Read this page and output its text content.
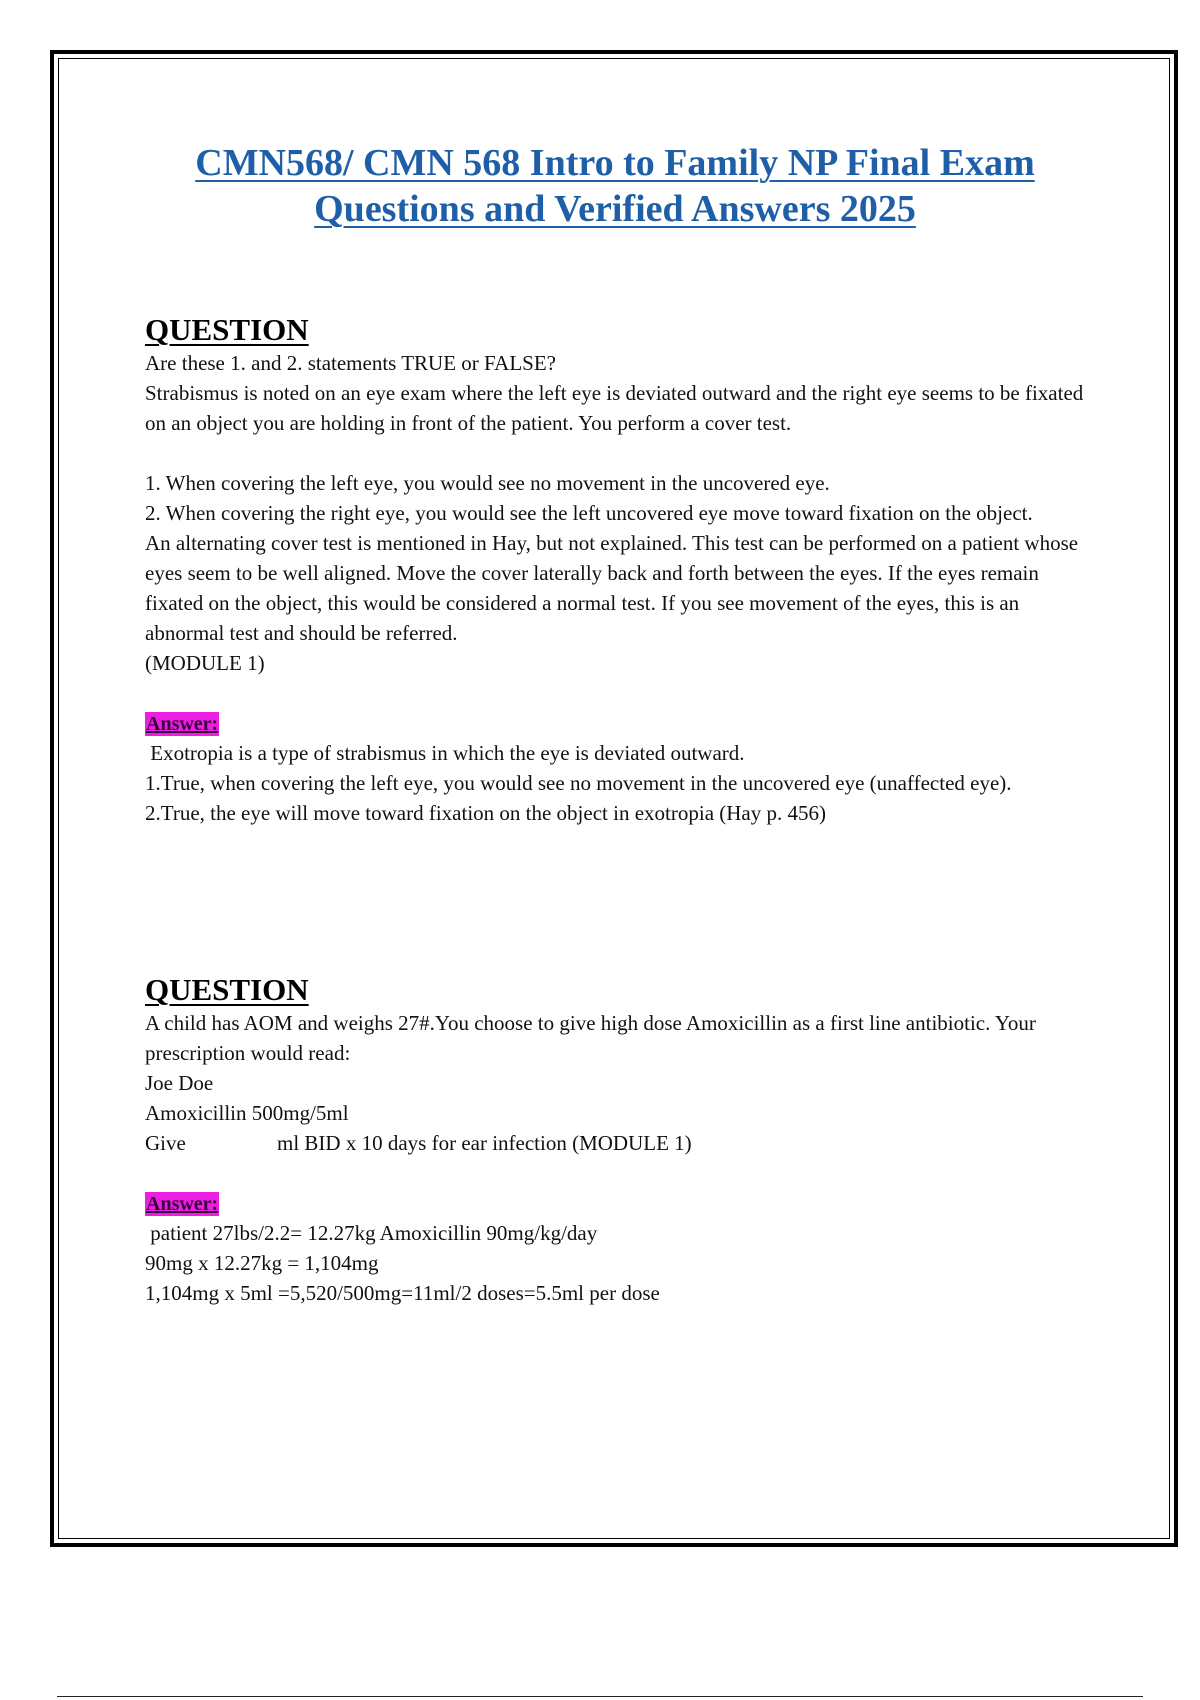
CMN568/ CMN 568 Intro to Family NP Final Exam
Questions and Verified Answers 2025

QUESTION

Are these 1. and 2. statements TRUE or FALSE?

Strabismus is noted on an eye exam where the left eye is deviated outward and the right eye seems to be fixated on an object you are holding in front of the patient. You perform a cover test.

1. When covering the left eye, you would see no movement in the uncovered eye.

2. When covering the right eye, you would see the left uncovered eye move toward fixation on the object.

An alternating cover test is mentioned in Hay, but not explained. This test can be performed on a patient whose eyes seem to be well aligned. Move the cover laterally back and forth between the eyes. If the eyes remain fixated on the object, this would be considered a normal test. If you see movement of the eyes, this is an abnormal test and should be referred.

(MODULE 1)

Answer:

Exotropia is a type of strabismus in which the eye is deviated outward.

1.True, when covering the left eye, you would see no movement in the uncovered eye (unaffected eye).

2.True, the eye will move toward fixation on the object in exotropia (Hay p. 456)

QUESTION

A child has AOM and weighs 27#.You choose to give high dose Amoxicillin as a first line antibiotic. Your prescription would read:

Joe Doe

Amoxicillin 500mg/5ml

Give	ml BID x 10 days for ear infection (MODULE 1)

Answer:

patient 27lbs/2.2= 12.27kg Amoxicillin 90mg/kg/day

90mg x 12.27kg = 1,104mg

1,104mg x 5ml =5,520/500mg=11ml/2 doses=5.5ml per dose
